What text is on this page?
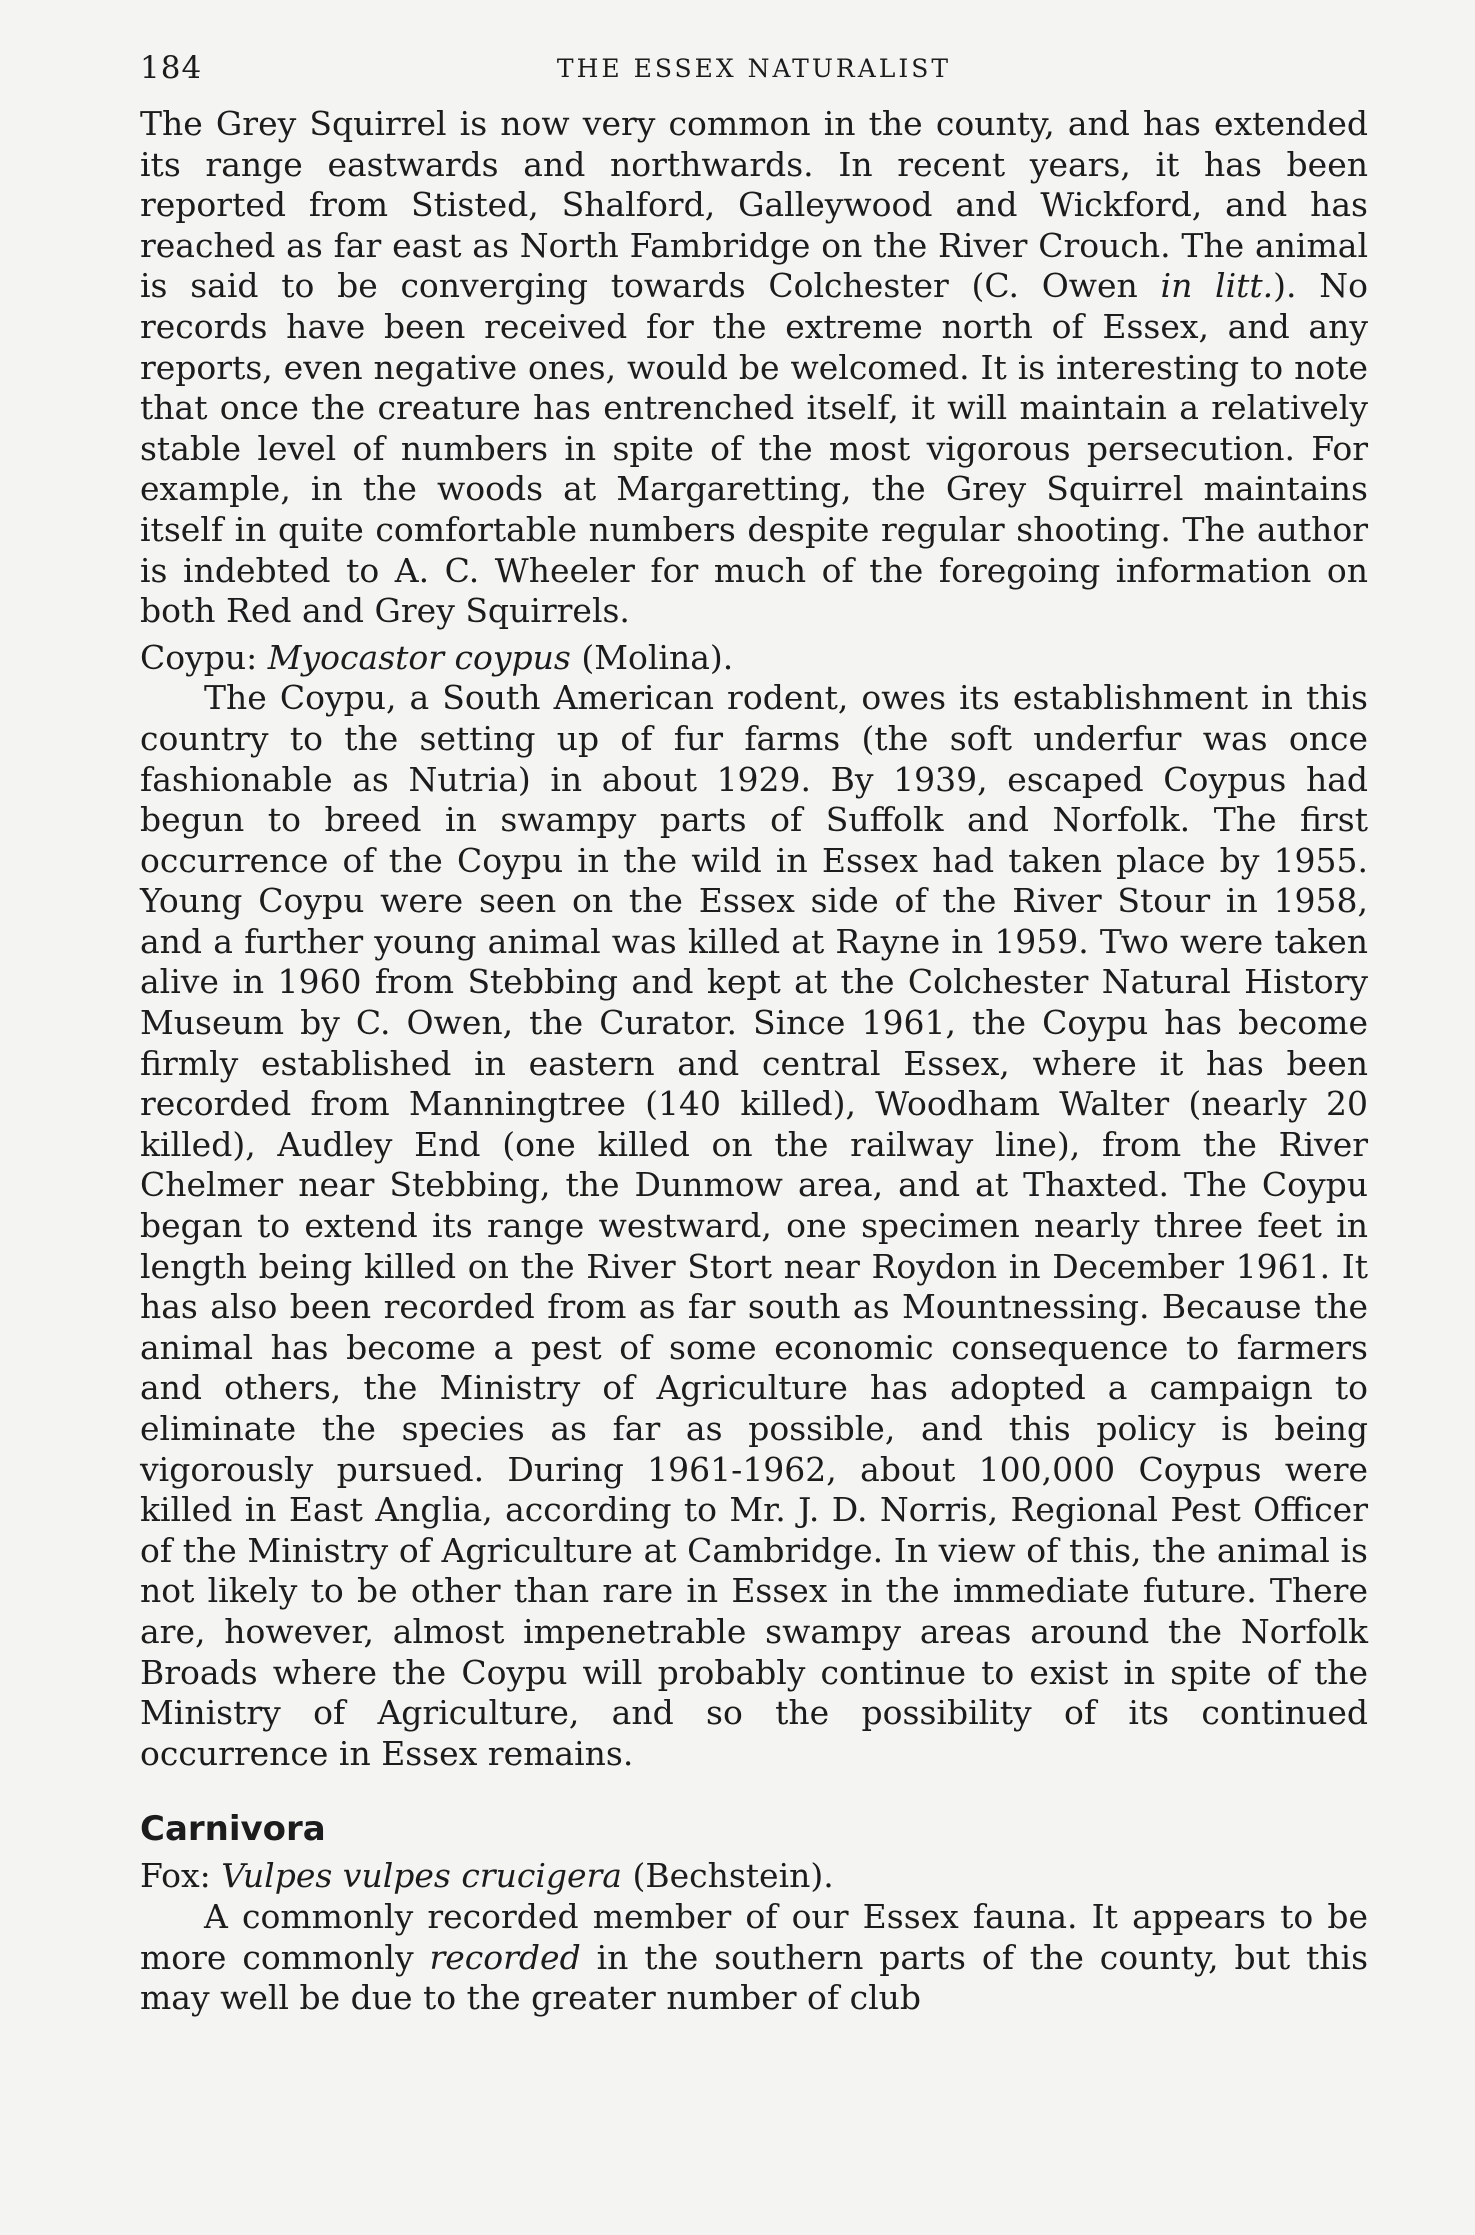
184	THE ESSEX NATURALIST

The Grey Squirrel is now very common in the county, and has extended its range eastwards and northwards. In recent years, it has been reported from Stisted, Shalford, Galleywood and Wickford, and has reached as far east as North Fambridge on the River Crouch. The animal is said to be converging towards Colchester (C. Owen in litt.). No records have been received for the extreme north of Essex, and any reports, even negative ones, would be welcomed. It is interesting to note that once the creature has entrenched itself, it will maintain a relatively stable level of numbers in spite of the most vigorous persecution. For example, in the woods at Margaretting, the Grey Squirrel maintains itself in quite comfortable numbers despite regular shooting. The author is indebted to A. C. Wheeler for much of the foregoing information on both Red and Grey Squirrels.

Coypu: Myocastor coypus (Molina).

The Coypu, a South American rodent, owes its establishment in this country to the setting up of fur farms (the soft underfur was once fashionable as Nutria) in about 1929. By 1939, escaped Coypus had begun to breed in swampy parts of Suffolk and Norfolk. The first occurrence of the Coypu in the wild in Essex had taken place by 1955. Young Coypu were seen on the Essex side of the River Stour in 1958, and a further young animal was killed at Rayne in 1959. Two were taken alive in 1960 from Stebbing and kept at the Colchester Natural History Museum by C. Owen, the Curator. Since 1961, the Coypu has become firmly established in eastern and central Essex, where it has been recorded from Manningtree (140 killed), Woodham Walter (nearly 20 killed), Audley End (one killed on the railway line), from the River Chelmer near Stebbing, the Dunmow area, and at Thaxted. The Coypu began to extend its range westward, one specimen nearly three feet in length being killed on the River Stort near Roydon in December 1961. It has also been recorded from as far south as Mountnessing. Because the animal has become a pest of some economic consequence to farmers and others, the Ministry of Agriculture has adopted a campaign to eliminate the species as far as possible, and this policy is being vigorously pursued. During 1961-1962, about 100,000 Coypus were killed in East Anglia, according to Mr. J. D. Norris, Regional Pest Officer of the Ministry of Agriculture at Cambridge. In view of this, the animal is not likely to be other than rare in Essex in the immediate future. There are, however, almost impenetrable swampy areas around the Norfolk Broads where the Coypu will probably continue to exist in spite of the Ministry of Agriculture, and so the possibility of its continued occurrence in Essex remains.

Carnivora

Fox: Vulpes vulpes crucigera (Bechstein).

A commonly recorded member of our Essex fauna. It appears to be more commonly recorded in the southern parts of the county, but this may well be due to the greater number of club
